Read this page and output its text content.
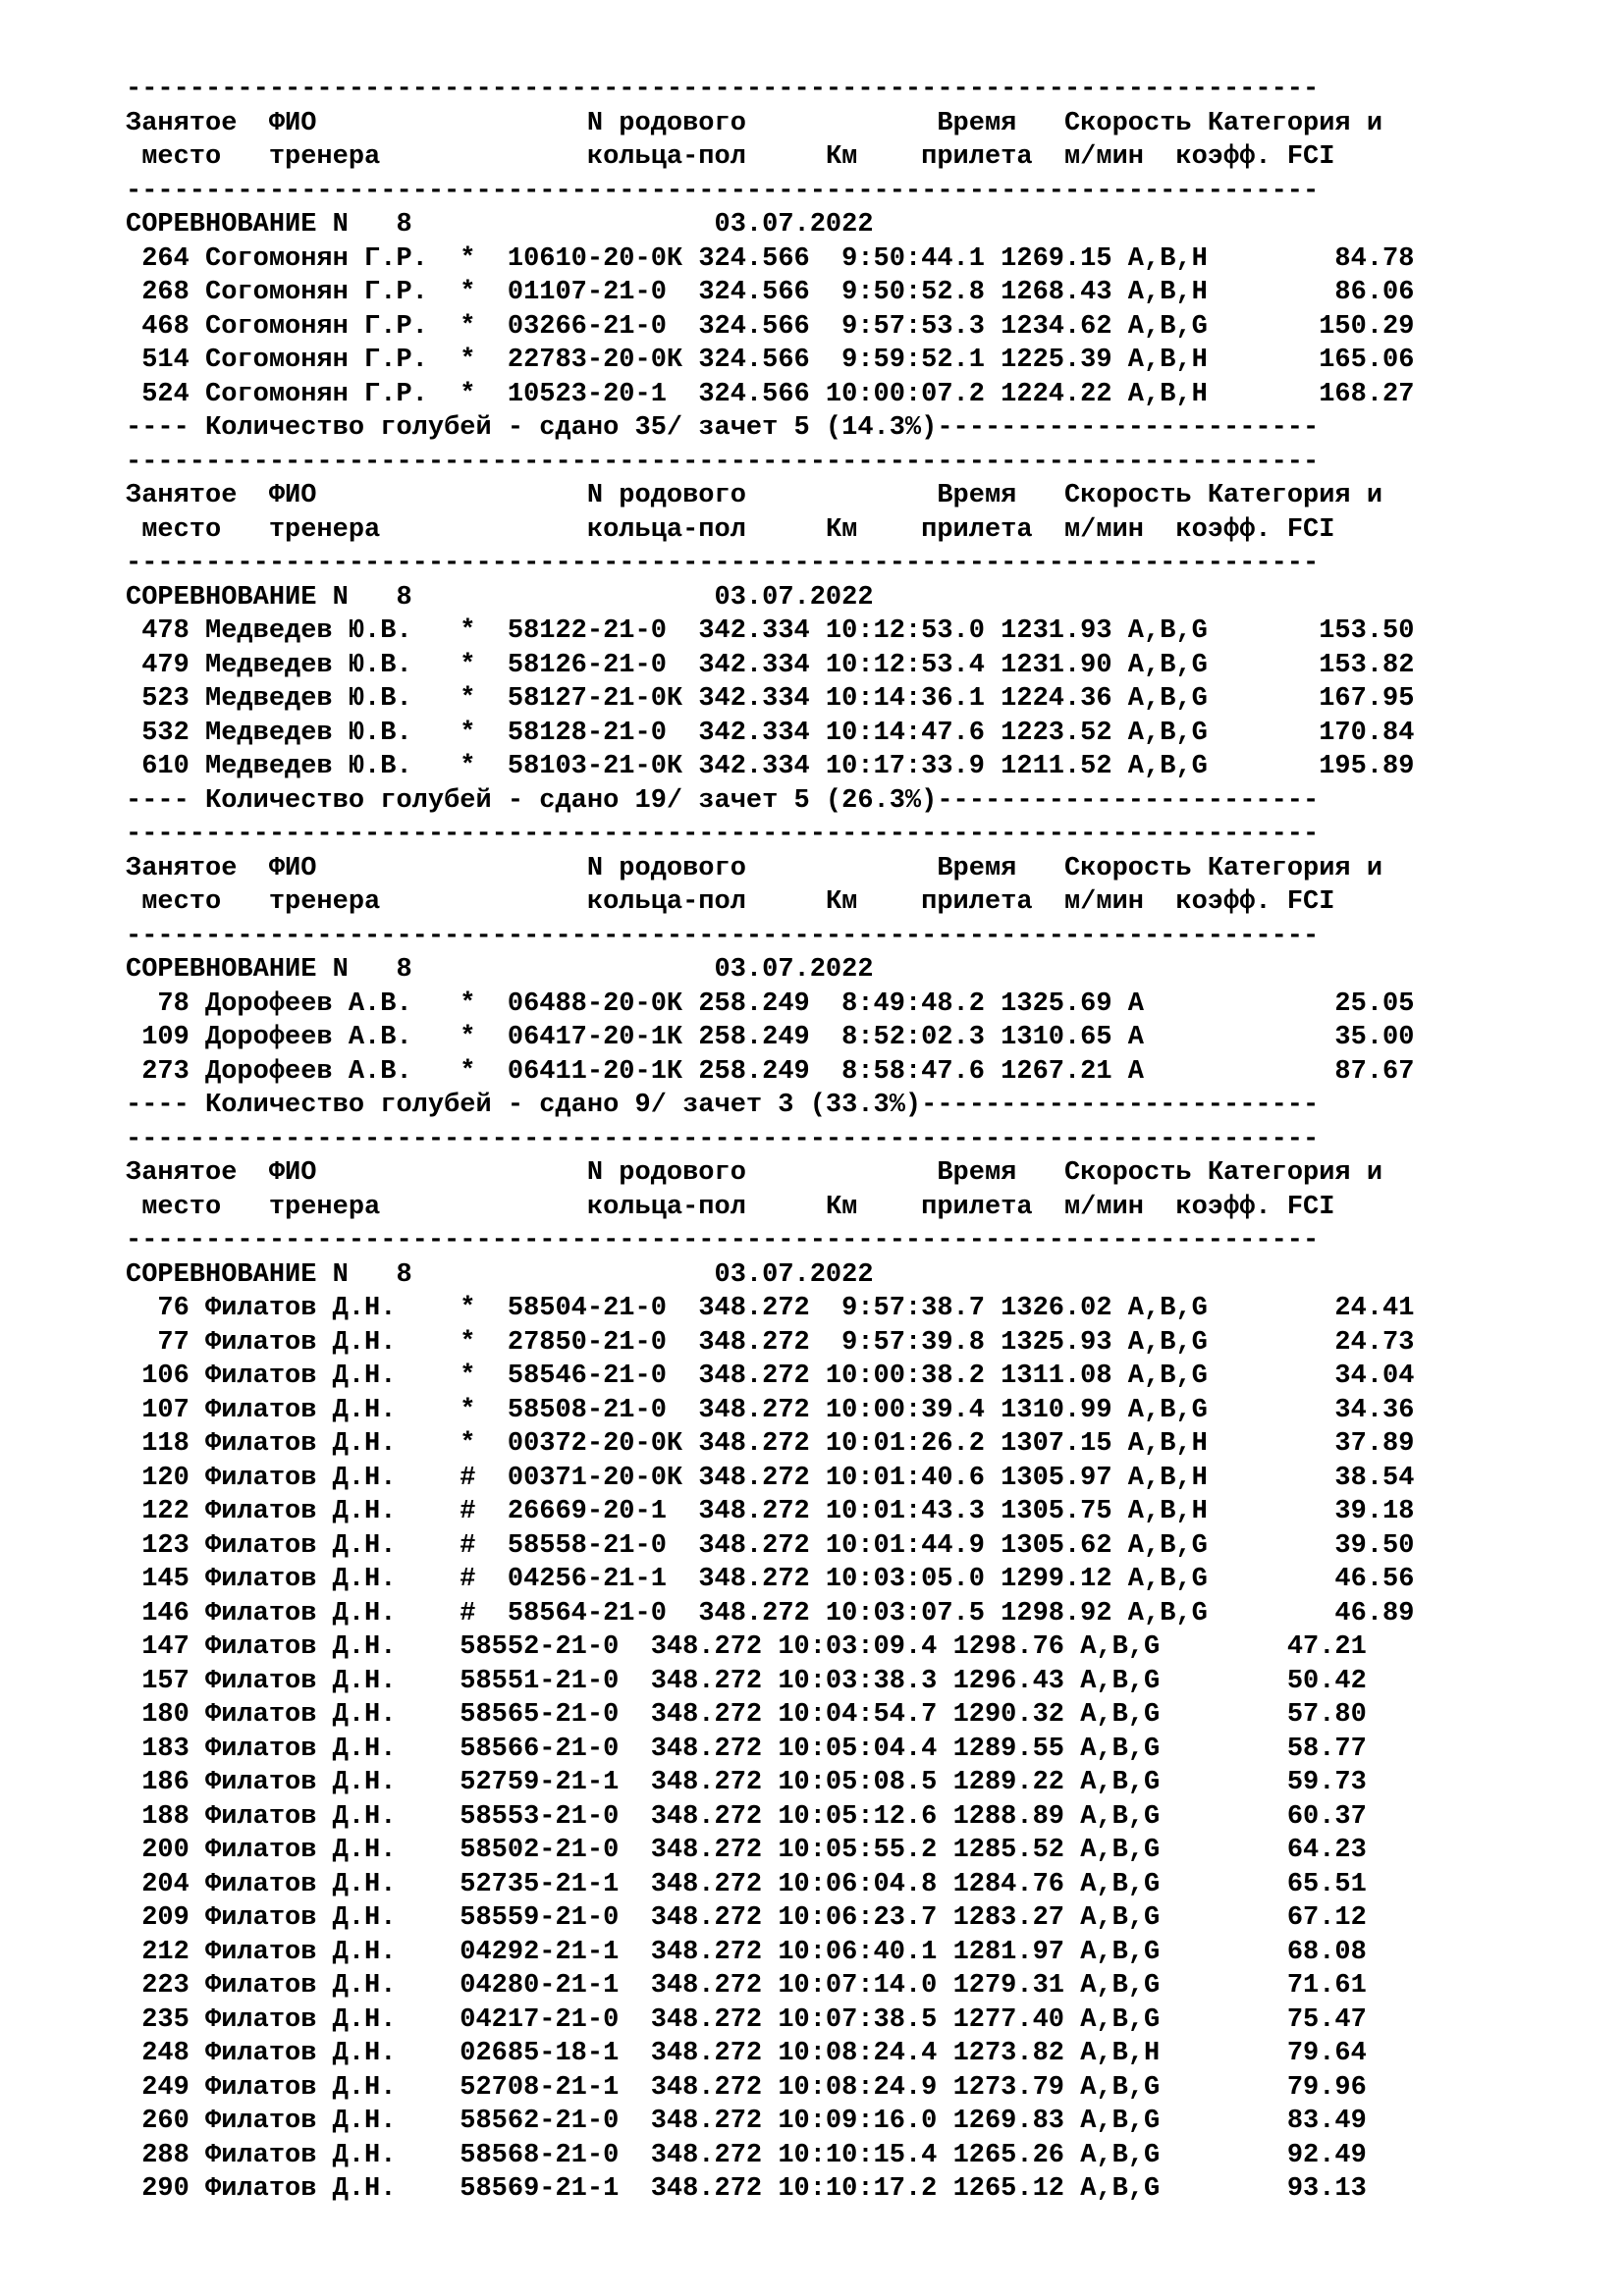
---------------------------------------------------------------------------
Занятое  ФИО                 N родового            Время   Скорость Категория и
место   тренера             кольца-пол     Км    прилета  м/мин  коэфф. FCI
---------------------------------------------------------------------------
СОРЕВНОВАНИЕ N 8	03.07.2022
264 Согомонян Г.Р.  *  10610-20-0К 324.566  9:50:44.1 1269.15 A,B,H        84.78
268 Согомонян Г.Р.  *  01107-21-0  324.566  9:50:52.8 1268.43 A,B,H        86.06
468 Согомонян Г.Р.  *  03266-21-0  324.566  9:57:53.3 1234.62 A,B,G       150.29
514 Согомонян Г.Р.  *  22783-20-0К 324.566  9:59:52.1 1225.39 A,B,H       165.06
524 Согомонян Г.Р.  *  10523-20-1  324.566 10:00:07.2 1224.22 A,B,H       168.27
---- Количество голубей - сдано 35/ зачет 5 (14.3%)------------------------
---------------------------------------------------------------------------
Занятое  ФИО                 N родового            Время   Скорость Категория и
место   тренера             кольца-пол     Км    прилета  м/мин  коэфф. FCI
---------------------------------------------------------------------------
СОРЕВНОВАНИЕ N 8	03.07.2022
478 Медведев Ю.В.   *  58122-21-0  342.334 10:12:53.0 1231.93 A,B,G       153.50
479 Медведев Ю.В.   *  58126-21-0  342.334 10:12:53.4 1231.90 A,B,G       153.82
523 Медведев Ю.В.   *  58127-21-0К 342.334 10:14:36.1 1224.36 A,B,G       167.95
532 Медведев Ю.В.   *  58128-21-0  342.334 10:14:47.6 1223.52 A,B,G       170.84
610 Медведев Ю.В.   *  58103-21-0К 342.334 10:17:33.9 1211.52 A,B,G       195.89
---- Количество голубей - сдано 19/ зачет 5 (26.3%)------------------------
---------------------------------------------------------------------------
Занятое  ФИО                 N родового            Время   Скорость Категория и
место   тренера             кольца-пол     Км    прилета  м/мин  коэфф. FCI
---------------------------------------------------------------------------
СОРЕВНОВАНИЕ N 8	03.07.2022
78 Дорофеев А.В.   *  06488-20-0К 258.249  8:49:48.2 1325.69 A            25.05
109 Дорофеев А.В.   *  06417-20-1К 258.249  8:52:02.3 1310.65 A            35.00
273 Дорофеев А.В.   *  06411-20-1К 258.249  8:58:47.6 1267.21 A            87.67
---- Количество голубей - сдано 9/ зачет 3 (33.3%)-------------------------
---------------------------------------------------------------------------
Занятое  ФИО                 N родового            Время   Скорость Категория и
место   тренера             кольца-пол     Км    прилета  м/мин  коэфф. FCI
---------------------------------------------------------------------------
СОРЕВНОВАНИЕ N 8	03.07.2022
76 Филатов Д.Н.    *  58504-21-0  348.272  9:57:38.7 1326.02 A,B,G        24.41
77 Филатов Д.Н.    *  27850-21-0  348.272  9:57:39.8 1325.93 A,B,G        24.73
106 Филатов Д.Н.    *  58546-21-0  348.272 10:00:38.2 1311.08 A,B,G        34.04
107 Филатов Д.Н.    *  58508-21-0  348.272 10:00:39.4 1310.99 A,B,G        34.36
118 Филатов Д.Н.    *  00372-20-0К 348.272 10:01:26.2 1307.15 A,B,H        37.89
120 Филатов Д.Н.    #  00371-20-0К 348.272 10:01:40.6 1305.97 A,B,H        38.54
122 Филатов Д.Н.    #  26669-20-1  348.272 10:01:43.3 1305.75 A,B,H        39.18
123 Филатов Д.Н.    #  58558-21-0  348.272 10:01:44.9 1305.62 A,B,G        39.50
145 Филатов Д.Н.    #  04256-21-1  348.272 10:03:05.0 1299.12 A,B,G        46.56
146 Филатов Д.Н.    #  58564-21-0  348.272 10:03:07.5 1298.92 A,B,G        46.89
147 Филатов Д.Н.    58552-21-0  348.272 10:03:09.4 1298.76 A,B,G        47.21
157 Филатов Д.Н.    58551-21-0  348.272 10:03:38.3 1296.43 A,B,G        50.42
180 Филатов Д.Н.    58565-21-0  348.272 10:04:54.7 1290.32 A,B,G        57.80
183 Филатов Д.Н.    58566-21-0  348.272 10:05:04.4 1289.55 A,B,G        58.77
186 Филатов Д.Н.    52759-21-1  348.272 10:05:08.5 1289.22 A,B,G        59.73
188 Филатов Д.Н.    58553-21-0  348.272 10:05:12.6 1288.89 A,B,G        60.37
200 Филатов Д.Н.    58502-21-0  348.272 10:05:55.2 1285.52 A,B,G        64.23
204 Филатов Д.Н.    52735-21-1  348.272 10:06:04.8 1284.76 A,B,G        65.51
209 Филатов Д.Н.    58559-21-0  348.272 10:06:23.7 1283.27 A,B,G        67.12
212 Филатов Д.Н.    04292-21-1  348.272 10:06:40.1 1281.97 A,B,G        68.08
223 Филатов Д.Н.    04280-21-1  348.272 10:07:14.0 1279.31 A,B,G        71.61
235 Филатов Д.Н.    04217-21-0  348.272 10:07:38.5 1277.40 A,B,G        75.47
248 Филатов Д.Н.    02685-18-1  348.272 10:08:24.4 1273.82 A,B,H        79.64
249 Филатов Д.Н.    52708-21-1  348.272 10:08:24.9 1273.79 A,B,G        79.96
260 Филатов Д.Н.    58562-21-0  348.272 10:09:16.0 1269.83 A,B,G        83.49
288 Филатов Д.Н.    58568-21-0  348.272 10:10:15.4 1265.26 A,B,G        92.49
290 Филатов Д.Н.    58569-21-1  348.272 10:10:17.2 1265.12 A,B,G        93.13
